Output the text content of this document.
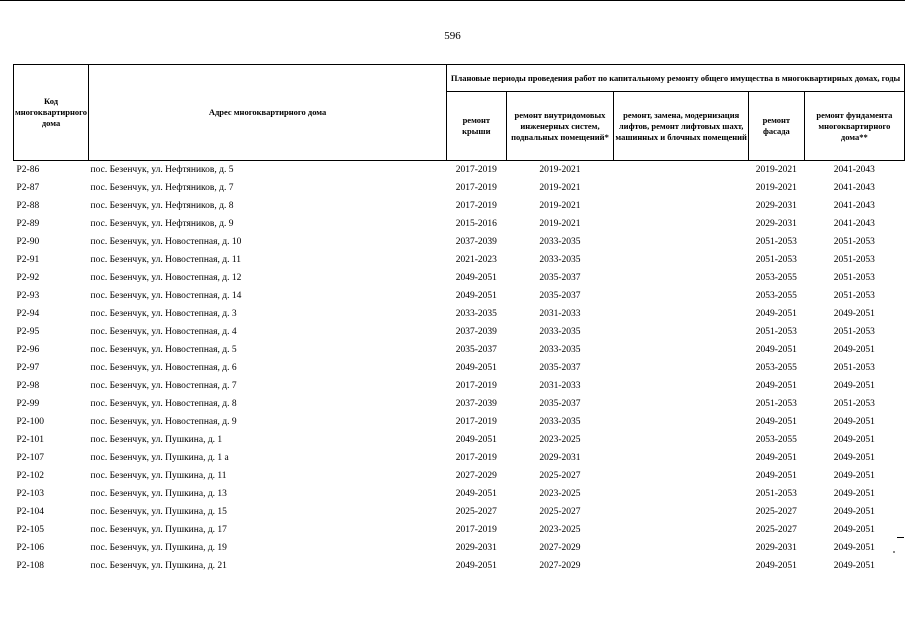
596
Код многоквартирного дома	Адрес многоквартирного дома	Плановые периоды проведения работ по капитальному ремонту общего имущества в многоквартирных домах, годы				
		ремонт крыши	ремонт внутридомовых инженерных систем, подвальных помещений*	ремонт, замена, модернизация лифтов, ремонт лифтовых шахт, машинных и блочных помещений	ремонт фасада	ремонт фундамента многоквартирного дома**
Р2-86	пос. Безенчук, ул. Нефтяников, д. 5	2017-2019	2019-2021		2019-2021	2041-2043
Р2-87	пос. Безенчук, ул. Нефтяников, д. 7	2017-2019	2019-2021		2019-2021	2041-2043
Р2-88	пос. Безенчук, ул. Нефтяников, д. 8	2017-2019	2019-2021		2029-2031	2041-2043
Р2-89	пос. Безенчук, ул. Нефтяников, д. 9	2015-2016	2019-2021		2029-2031	2041-2043
Р2-90	пос. Безенчук, ул. Новостепная, д. 10	2037-2039	2033-2035		2051-2053	2051-2053
Р2-91	пос. Безенчук, ул. Новостепная, д. 11	2021-2023	2033-2035		2051-2053	2051-2053
Р2-92	пос. Безенчук, ул. Новостепная, д. 12	2049-2051	2035-2037		2053-2055	2051-2053
Р2-93	пос. Безенчук, ул. Новостепная, д. 14	2049-2051	2035-2037		2053-2055	2051-2053
Р2-94	пос. Безенчук, ул. Новостепная, д. 3	2033-2035	2031-2033		2049-2051	2049-2051
Р2-95	пос. Безенчук, ул. Новостепная, д. 4	2037-2039	2033-2035		2051-2053	2051-2053
Р2-96	пос. Безенчук, ул. Новостепная, д. 5	2035-2037	2033-2035		2049-2051	2049-2051
Р2-97	пос. Безенчук, ул. Новостепная, д. 6	2049-2051	2035-2037		2053-2055	2051-2053
Р2-98	пос. Безенчук, ул. Новостепная, д. 7	2017-2019	2031-2033		2049-2051	2049-2051
Р2-99	пос. Безенчук, ул. Новостепная, д. 8	2037-2039	2035-2037		2051-2053	2051-2053
Р2-100	пос. Безенчук, ул. Новостепная, д. 9	2017-2019	2033-2035		2049-2051	2049-2051
Р2-101	пос. Безенчук, ул. Пушкина, д. 1	2049-2051	2023-2025		2053-2055	2049-2051
Р2-107	пос. Безенчук, ул. Пушкина, д. 1 а	2017-2019	2029-2031		2049-2051	2049-2051
Р2-102	пос. Безенчук, ул. Пушкина, д. 11	2027-2029	2025-2027		2049-2051	2049-2051
Р2-103	пос. Безенчук, ул. Пушкина, д. 13	2049-2051	2023-2025		2051-2053	2049-2051
Р2-104	пос. Безенчук, ул. Пушкина, д. 15	2025-2027	2025-2027		2025-2027	2049-2051
Р2-105	пос. Безенчук, ул. Пушкина, д. 17	2017-2019	2023-2025		2025-2027	2049-2051
Р2-106	пос. Безенчук, ул. Пушкина, д. 19	2029-2031	2027-2029		2029-2031	2049-2051
Р2-108	пос. Безенчук, ул. Пушкина, д. 21	2049-2051	2027-2029		2049-2051	2049-2051
